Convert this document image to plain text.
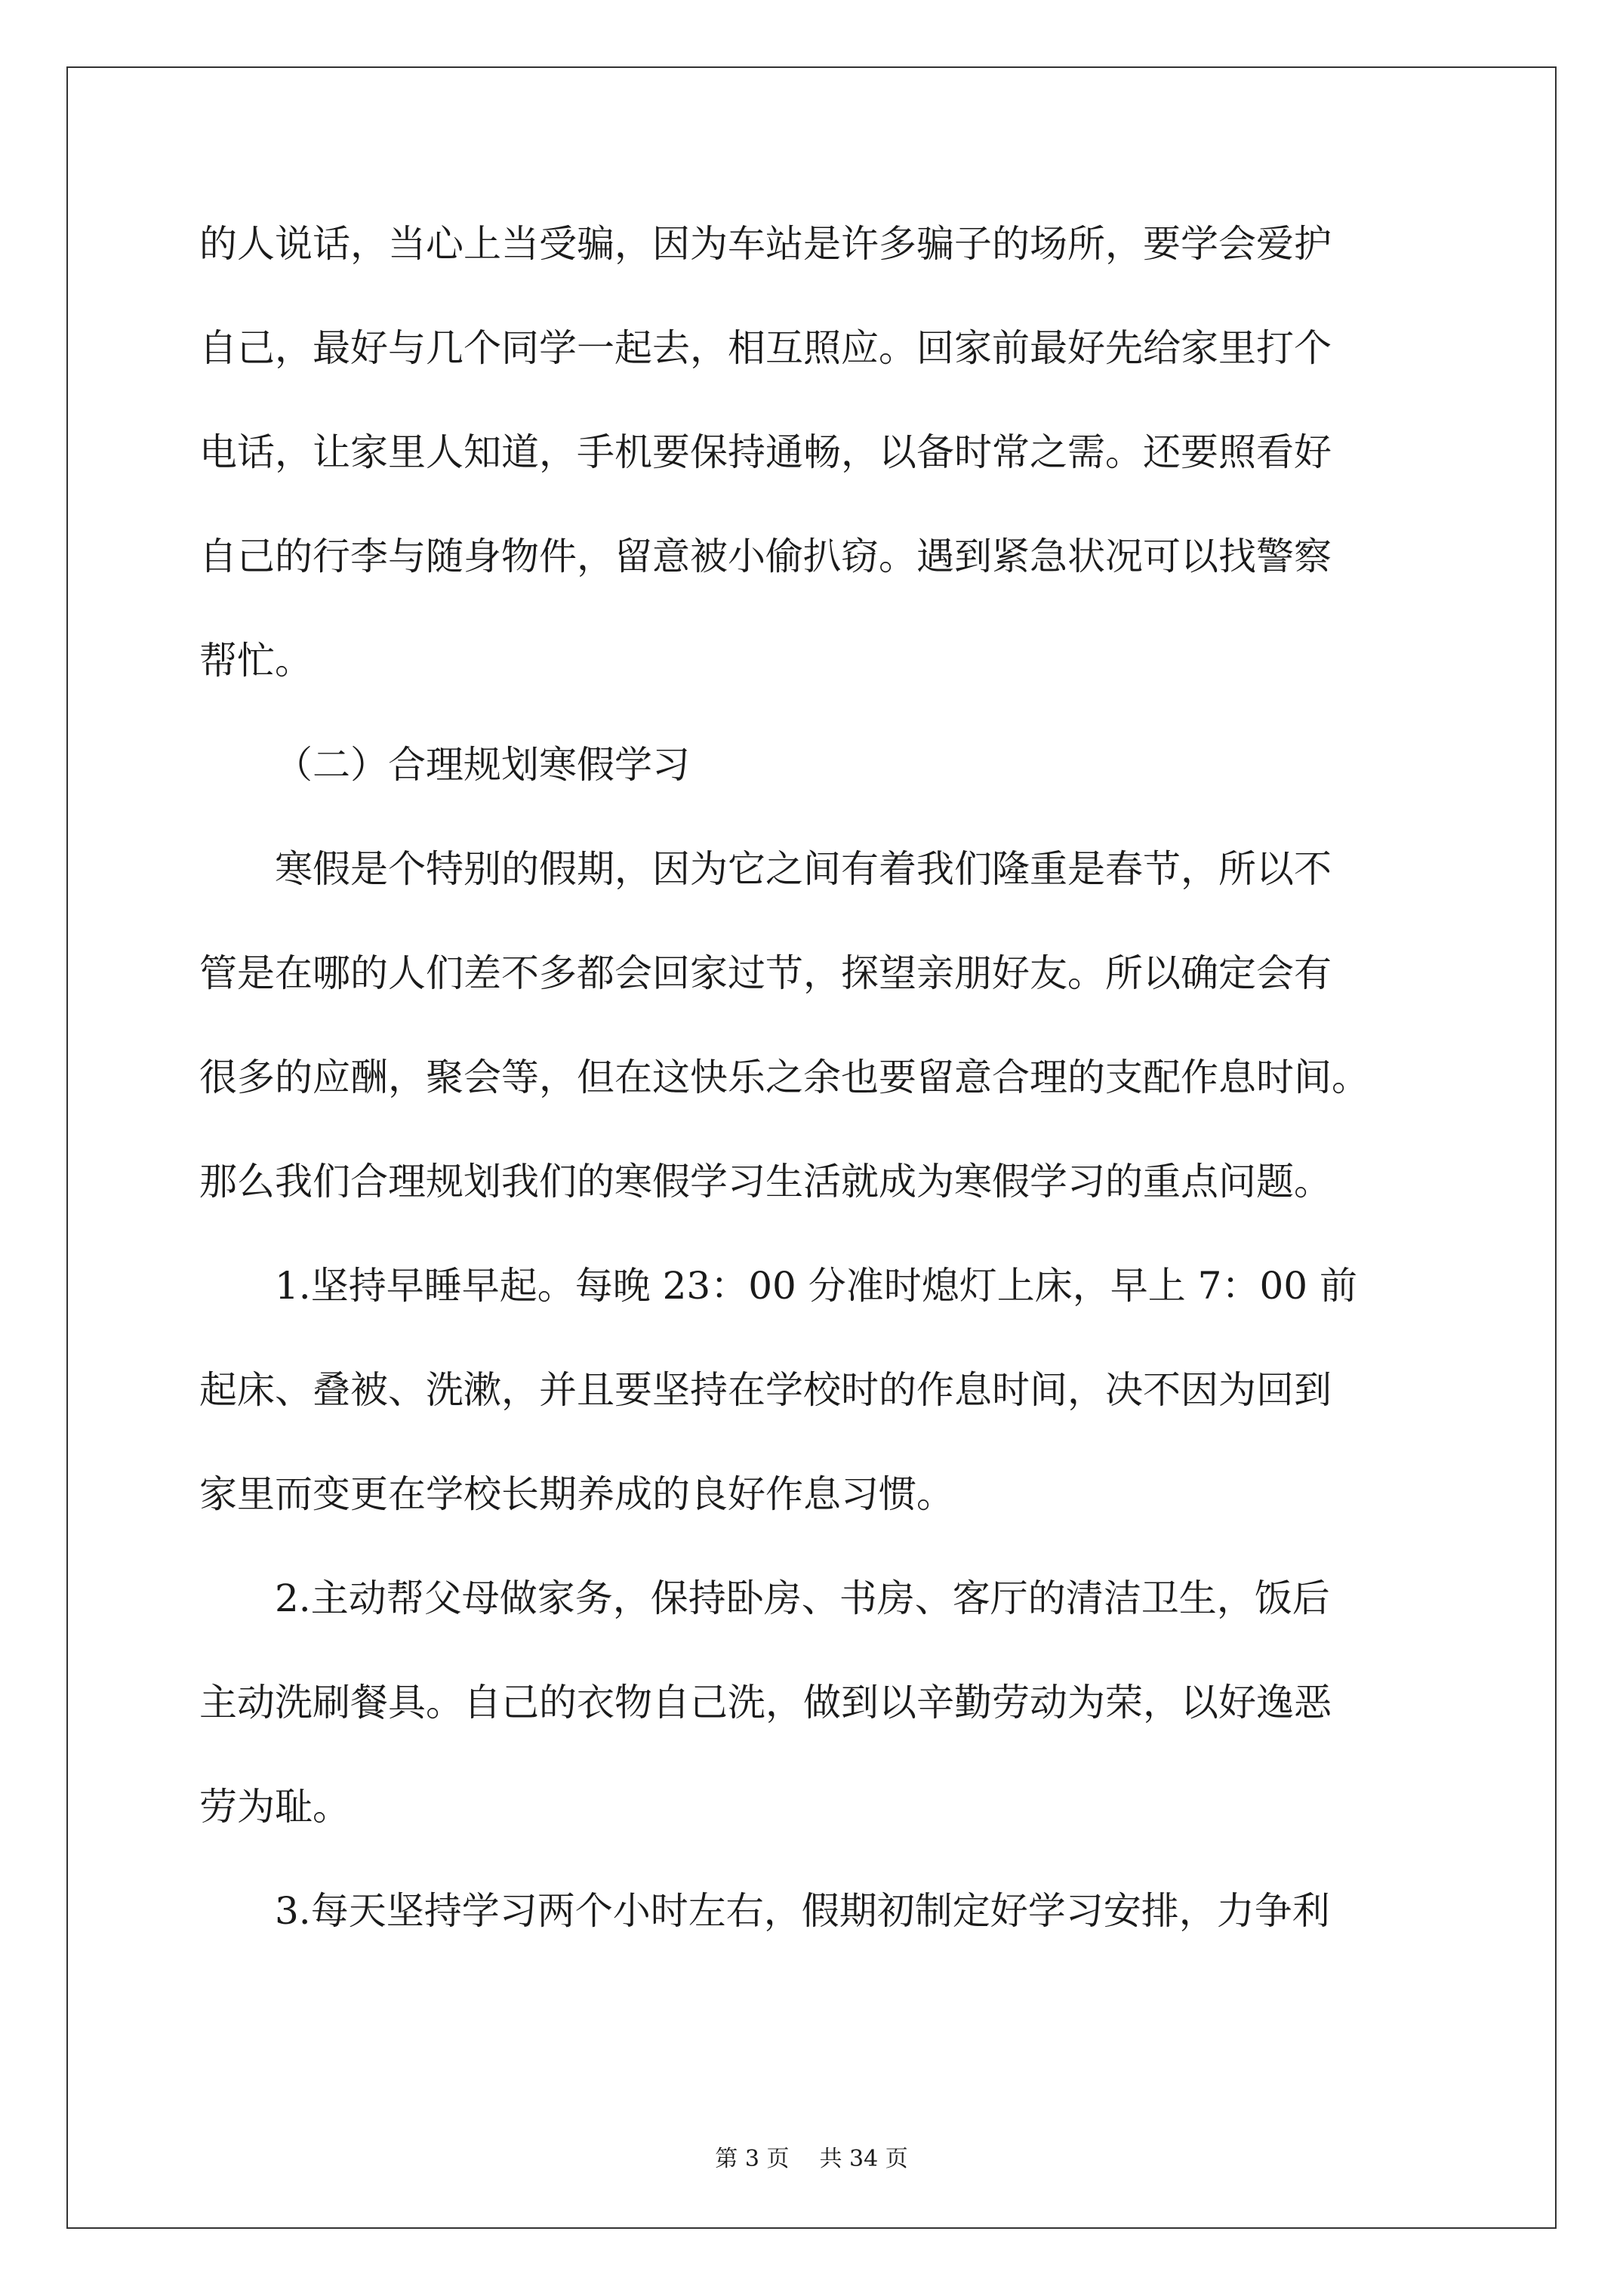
的人说话，当心上当受骗，因为车站是许多骗子的场所，要学会爱护
自己，最好与几个同学一起去，相互照应。回家前最好先给家里打个
电话，让家里人知道，手机要保持通畅，以备时常之需。还要照看好
自己的行李与随身物件，留意被小偷扒窃。遇到紧急状况可以找警察
帮忙。
（二）合理规划寒假学习
寒假是个特别的假期，因为它之间有着我们隆重是春节，所以不
管是在哪的人们差不多都会回家过节，探望亲朋好友。所以确定会有
很多的应酬，聚会等，但在这快乐之余也要留意合理的支配作息时间。
那么我们合理规划我们的寒假学习生活就成为寒假学习的重点问题。
1.坚持早睡早起。每晚 23：00 分准时熄灯上床，早上 7：00 前
起床、叠被、洗漱，并且要坚持在学校时的作息时间，决不因为回到
家里而变更在学校长期养成的良好作息习惯。
2.主动帮父母做家务，保持卧房、书房、客厅的清洁卫生，饭后
主动洗刷餐具。自己的衣物自己洗，做到以辛勤劳动为荣，以好逸恶
劳为耻。
3.每天坚持学习两个小时左右，假期初制定好学习安排，力争利
第 3 页 共 34 页
